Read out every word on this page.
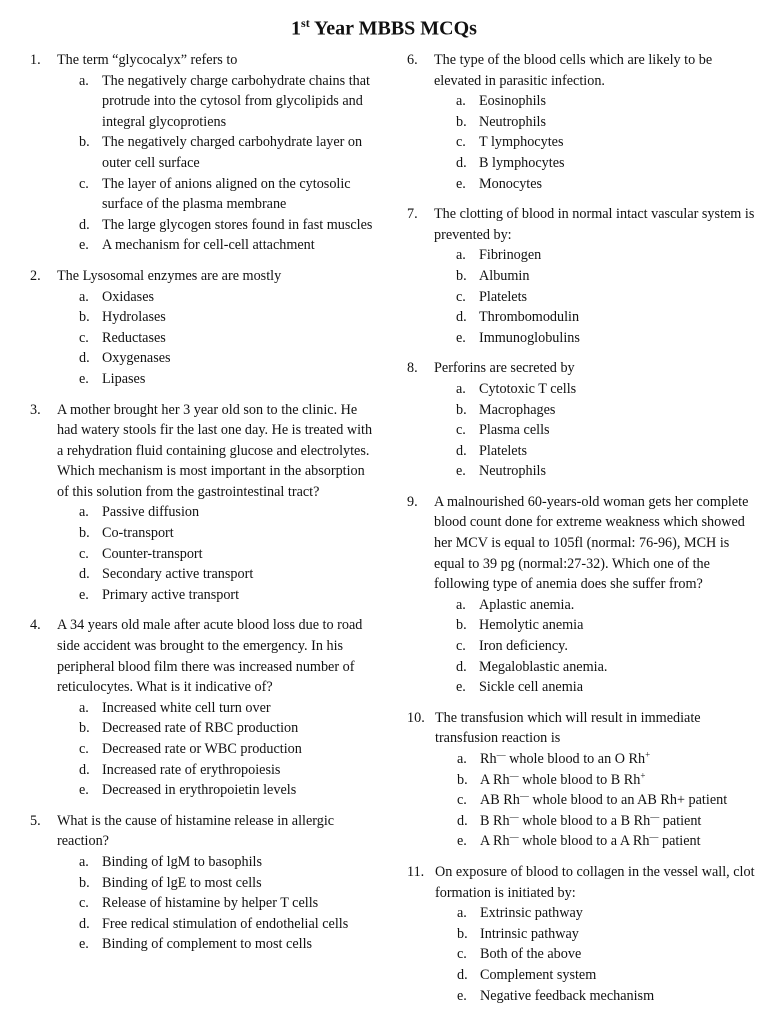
1st Year MBBS MCQs
1. The term “glycocalyx” refers to
a. The negatively charge carbohydrate chains that protrude into the cytosol from glycolipids and integral glycoprotiens
b. The negatively charged carbohydrate layer on outer cell surface
c. The layer of anions aligned on the cytosolic surface of the plasma membrane
d. The large glycogen stores found in fast muscles
e. A mechanism for cell-cell attachment
2. The Lysosomal enzymes are are mostly
a. Oxidases
b. Hydrolases
c. Reductases
d. Oxygenases
e. Lipases
3. A mother brought her 3 year old son to the clinic. He had watery stools fir the last one day. He is treated with a rehydration fluid containing glucose and electrolytes. Which mechanism is most important in the absorption of this solution from the gastrointestinal tract?
a. Passive diffusion
b. Co-transport
c. Counter-transport
d. Secondary active transport
e. Primary active transport
4. A 34 years old male after acute blood loss due to road side accident was brought to the emergency. In his peripheral blood film there was increased number of reticulocytes. What is it indicative of?
a. Increased white cell turn over
b. Decreased rate of RBC production
c. Decreased rate or WBC production
d. Increased rate of erythropoiesis
e. Decreased in erythropoietin levels
5. What is the cause of histamine release in allergic reaction?
a. Binding of lgM to basophils
b. Binding of lgE to most cells
c. Release of histamine by helper T cells
d. Free redical stimulation of endothelial cells
e. Binding of complement to most cells
6. The type of the blood cells which are likely to be elevated in parasitic infection.
a. Eosinophils
b. Neutrophils
c. T lymphocytes
d. B lymphocytes
e. Monocytes
7. The clotting of blood in normal intact vascular system is prevented by:
a. Fibrinogen
b. Albumin
c. Platelets
d. Thrombomodulin
e. Immunoglobulins
8. Perforins are secreted by
a. Cytotoxic T cells
b. Macrophages
c. Plasma cells
d. Platelets
e. Neutrophils
9. A malnourished 60-years-old woman gets her complete blood count done for extreme weakness which showed her MCV is equal to 105fl (normal: 76-96), MCH is equal to 39 pg (normal:27-32). Which one of the following type of anemia does she suffer from?
a. Aplastic anemia.
b. Hemolytic anemia
c. Iron deficiency.
d. Megaloblastic anemia.
e. Sickle cell anemia
10. The transfusion which will result in immediate transfusion reaction is
a. Rh— whole blood to an O Rh+
b. A Rh— whole blood to B Rh+
c. AB Rh— whole blood to an AB Rh+ patient
d. B Rh— whole blood to a B Rh— patient
e. A Rh— whole blood to a A Rh— patient
11. On exposure of blood to collagen in the vessel wall, clot formation is initiated by:
a. Extrinsic pathway
b. Intrinsic pathway
c. Both of the above
d. Complement system
e. Negative feedback mechanism
